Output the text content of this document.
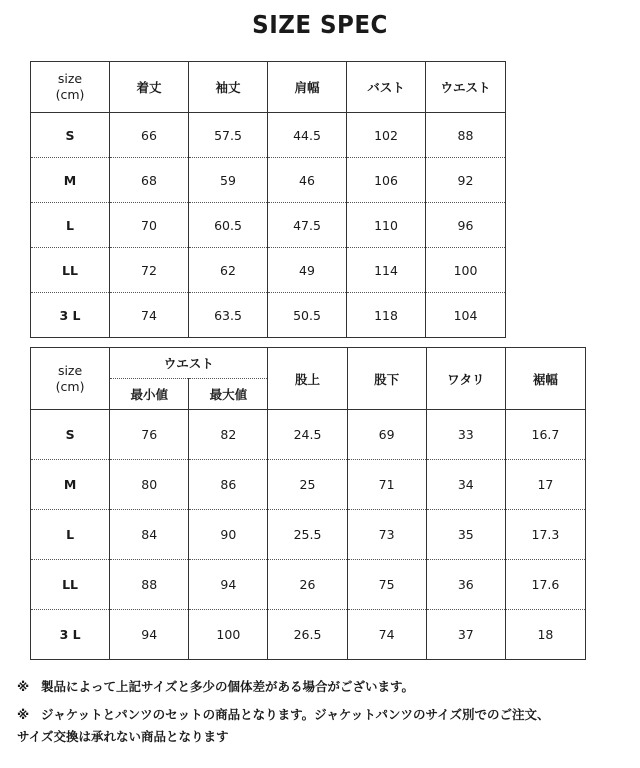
SIZE SPEC
size
(cm)	着丈	袖丈	肩幅	バスト	ウエスト
S	66	57.5	44.5	102	88
M	68	59	46	106	92
L	70	60.5	47.5	110	96
LL	72	62	49	114	100
3 L	74	63.5	50.5	118	104
size
(cm)	ウエスト		股上	股下	ワタリ	裾幅
	最小値	最大値				
S	76	82	24.5	69	33	16.7
M	80	86	25	71	34	17
L	84	90	25.5	73	35	17.3
LL	88	94	26	75	36	17.6
3 L	94	100	26.5	74	37	18
※ 製品によって上記サイズと多少の個体差がある場合がございます。
※ ジャケットとパンツのセットの商品となります。ジャケットパンツのサイズ別でのご注文、
サイズ交換は承れない商品となります
